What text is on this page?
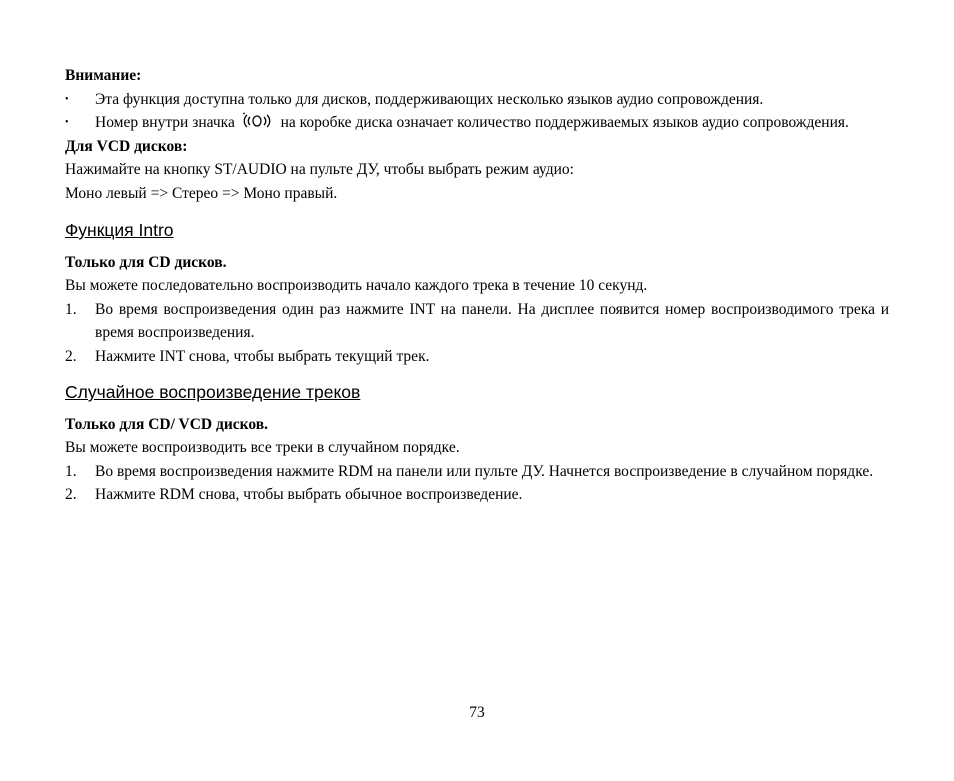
Внимание:

• Эта функция доступна только для дисков, поддерживающих несколько языков аудио сопровождения.
• Номер внутри значка	на коробке диска означает количество поддерживаемых языков аудио сопровождения.

Для VCD дисков:

Нажимайте на кнопку ST/AUDIO на пульте ДУ, чтобы выбрать режим аудио:

Моно левый => Стерео => Моно правый.

Функция Intro

Только для CD дисков.

Вы можете последовательно воспроизводить начало каждого трека в течение 10 секунд.

1. Во время воспроизведения один раз нажмите INT на панели. На дисплее появится номер воспроизводимого трека и время воспроизведения.
2. Нажмите INT снова, чтобы выбрать текущий трек.

Случайное воспроизведение треков

Только для CD/ VCD дисков.

Вы можете воспроизводить все треки в случайном порядке.

1. Во время воспроизведения нажмите RDM на панели или пульте ДУ. Начнется воспроизведение в случайном порядке.
2. Нажмите RDM снова, чтобы выбрать обычное воспроизведение.
73
